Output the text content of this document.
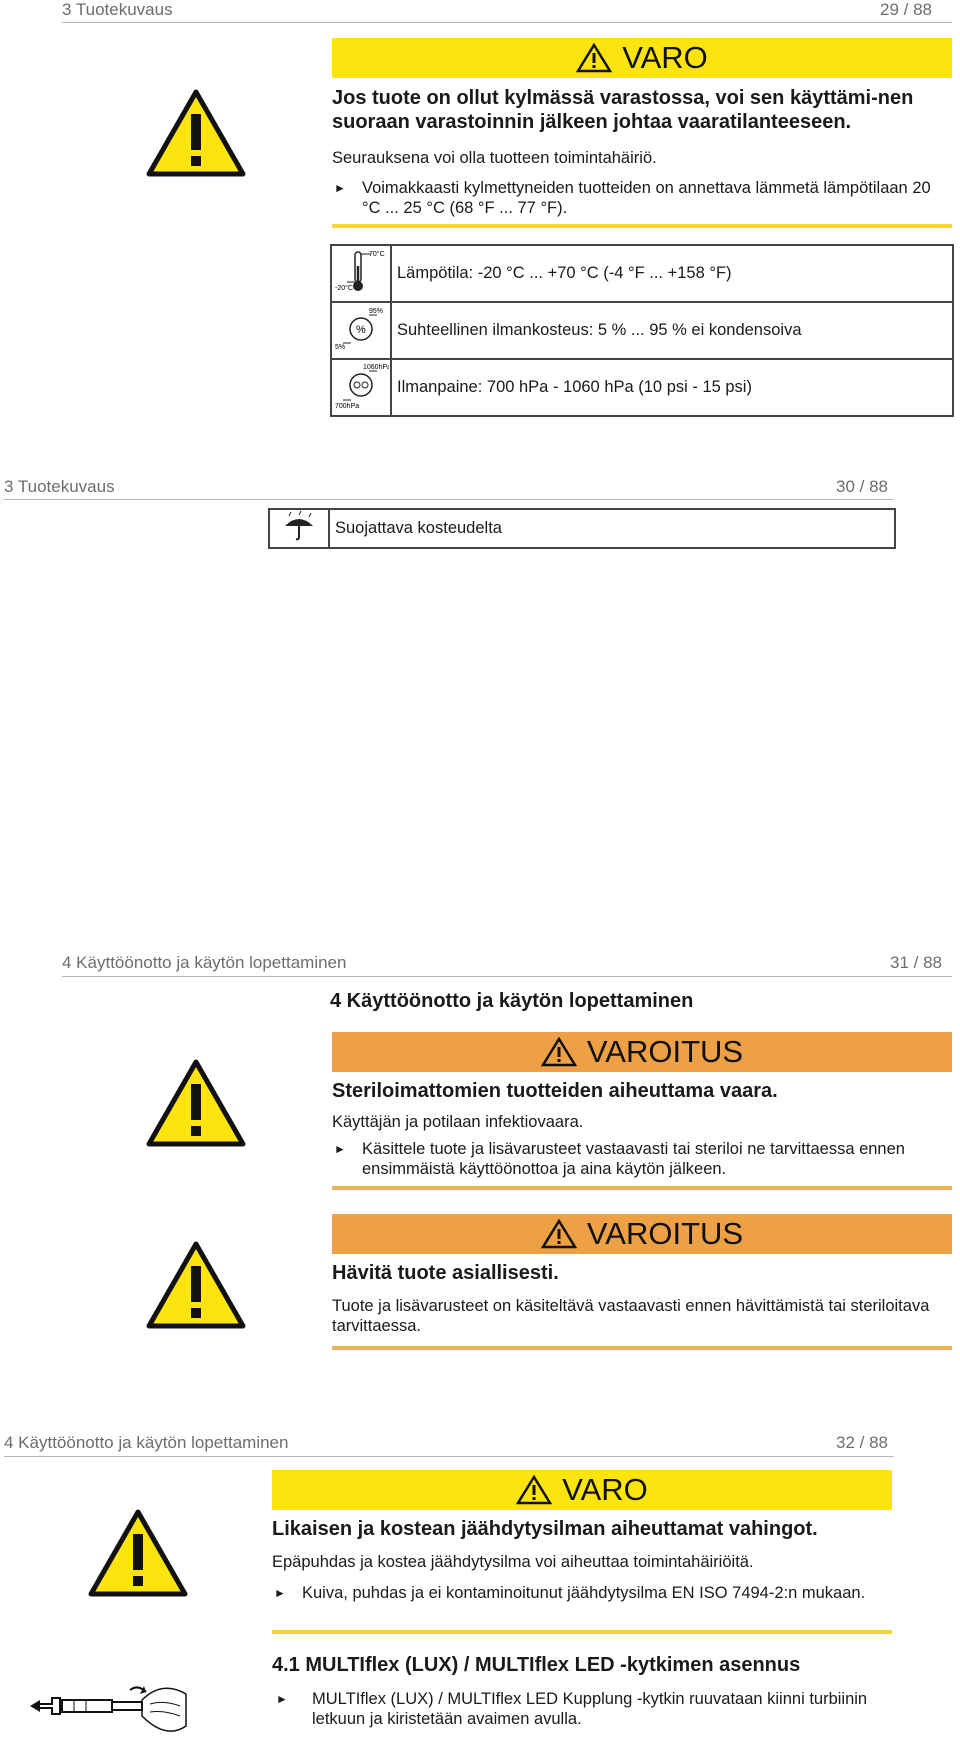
3 Tuotekuvaus	29 / 88
VARO
Jos tuote on ollut kylmässä varastossa, voi sen käyttämi-nen suoraan varastoinnin jälkeen johtaa vaaratilanteeseen.
Seurauksena voi olla tuotteen toimintahäiriö.
► Voimakkaasti kylmettyneiden tuotteiden on annettava lämmetä lämpötilaan 20 °C ... 25 °C (68 °F ... 77 °F).
70°C
-20°C	Lämpötila: -20 °C ... +70 °C (-4 °F ... +158 °F)

95%
5%
%	Suhteellinen ilmankosteus: 5 % ... 95 % ei kondensoiva

1060hPa
700hPa	Ilmanpaine: 700 hPa - 1060 hPa (10 psi - 15 psi)
3 Tuotekuvaus	30 / 88
	Suojattava kosteudelta
4 Käyttöönotto ja käytön lopettaminen	31 / 88
4 Käyttöönotto ja käytön lopettaminen
VAROITUS
Steriloimattomien tuotteiden aiheuttama vaara.
Käyttäjän ja potilaan infektiovaara.
► Käsittele tuote ja lisävarusteet vastaavasti tai steriloi ne tarvittaessa ennen ensimmäistä käyttöönottoa ja aina käytön jälkeen.
VAROITUS
Hävitä tuote asiallisesti.
Tuote ja lisävarusteet on käsiteltävä vastaavasti ennen hävittämistä tai steriloitava tarvittaessa.
4 Käyttöönotto ja käytön lopettaminen	32 / 88
VARO
Likaisen ja kostean jäähdytysilman aiheuttamat vahingot.
Epäpuhdas ja kostea jäähdytysilma voi aiheuttaa toimintahäiriöitä.
► Kuiva, puhdas ja ei kontaminoitunut jäähdytysilma EN ISO 7494-2:n mukaan.
4.1 MULTIflex (LUX) / MULTIflex LED -kytkimen asennus
► MULTIflex (LUX) / MULTIflex LED Kupplung -kytkin ruuvataan kiinni turbiinin letkuun ja kiristetään avaimen avulla.
